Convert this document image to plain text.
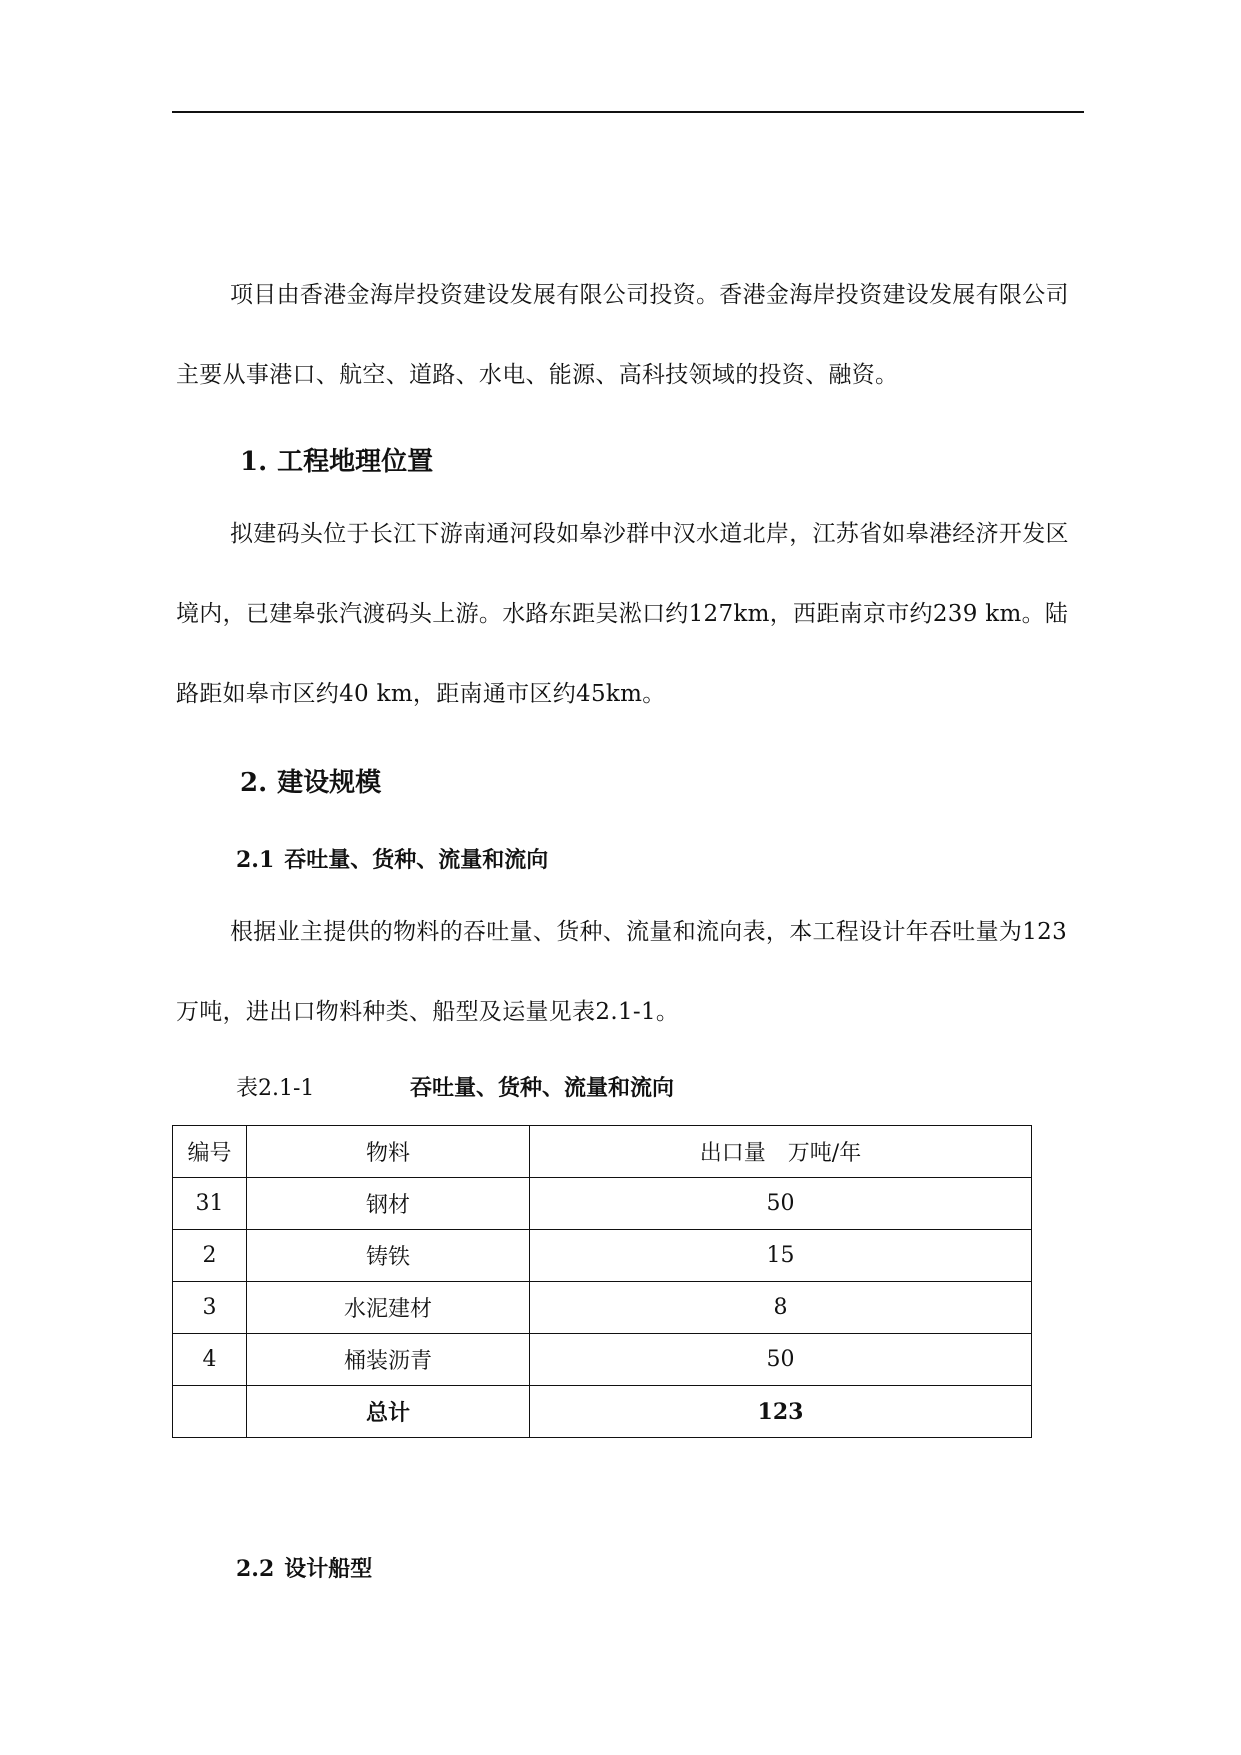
项目由香港金海岸投资建设发展有限公司投资。香港金海岸投资建设发展有限公司主要从事港口、航空、道路、水电、能源、高科技领域的投资、融资。

1. 工程地理位置

拟建码头位于长江下游南通河段如皋沙群中汉水道北岸，江苏省如皋港经济开发区境内，已建皋张汽渡码头上游。水路东距吴淞口约127km，西距南京市约239 km。陆路距如皋市区约40 km，距南通市区约45km。

2. 建设规模
2.1 吞吐量、货种、流量和流向

根据业主提供的物料的吞吐量、货种、流量和流向表，本工程设计年吞吐量为123万吨，进出口物料种类、船型及运量见表2.1-1。

表2.1-1	吞吐量、货种、流量和流向
编号	物料	出口量　万吨/年
31	钢材	50
2	铸铁	15
3	水泥建材	8
4	桶装沥青	50
	总计	123
2.2 设计船型
